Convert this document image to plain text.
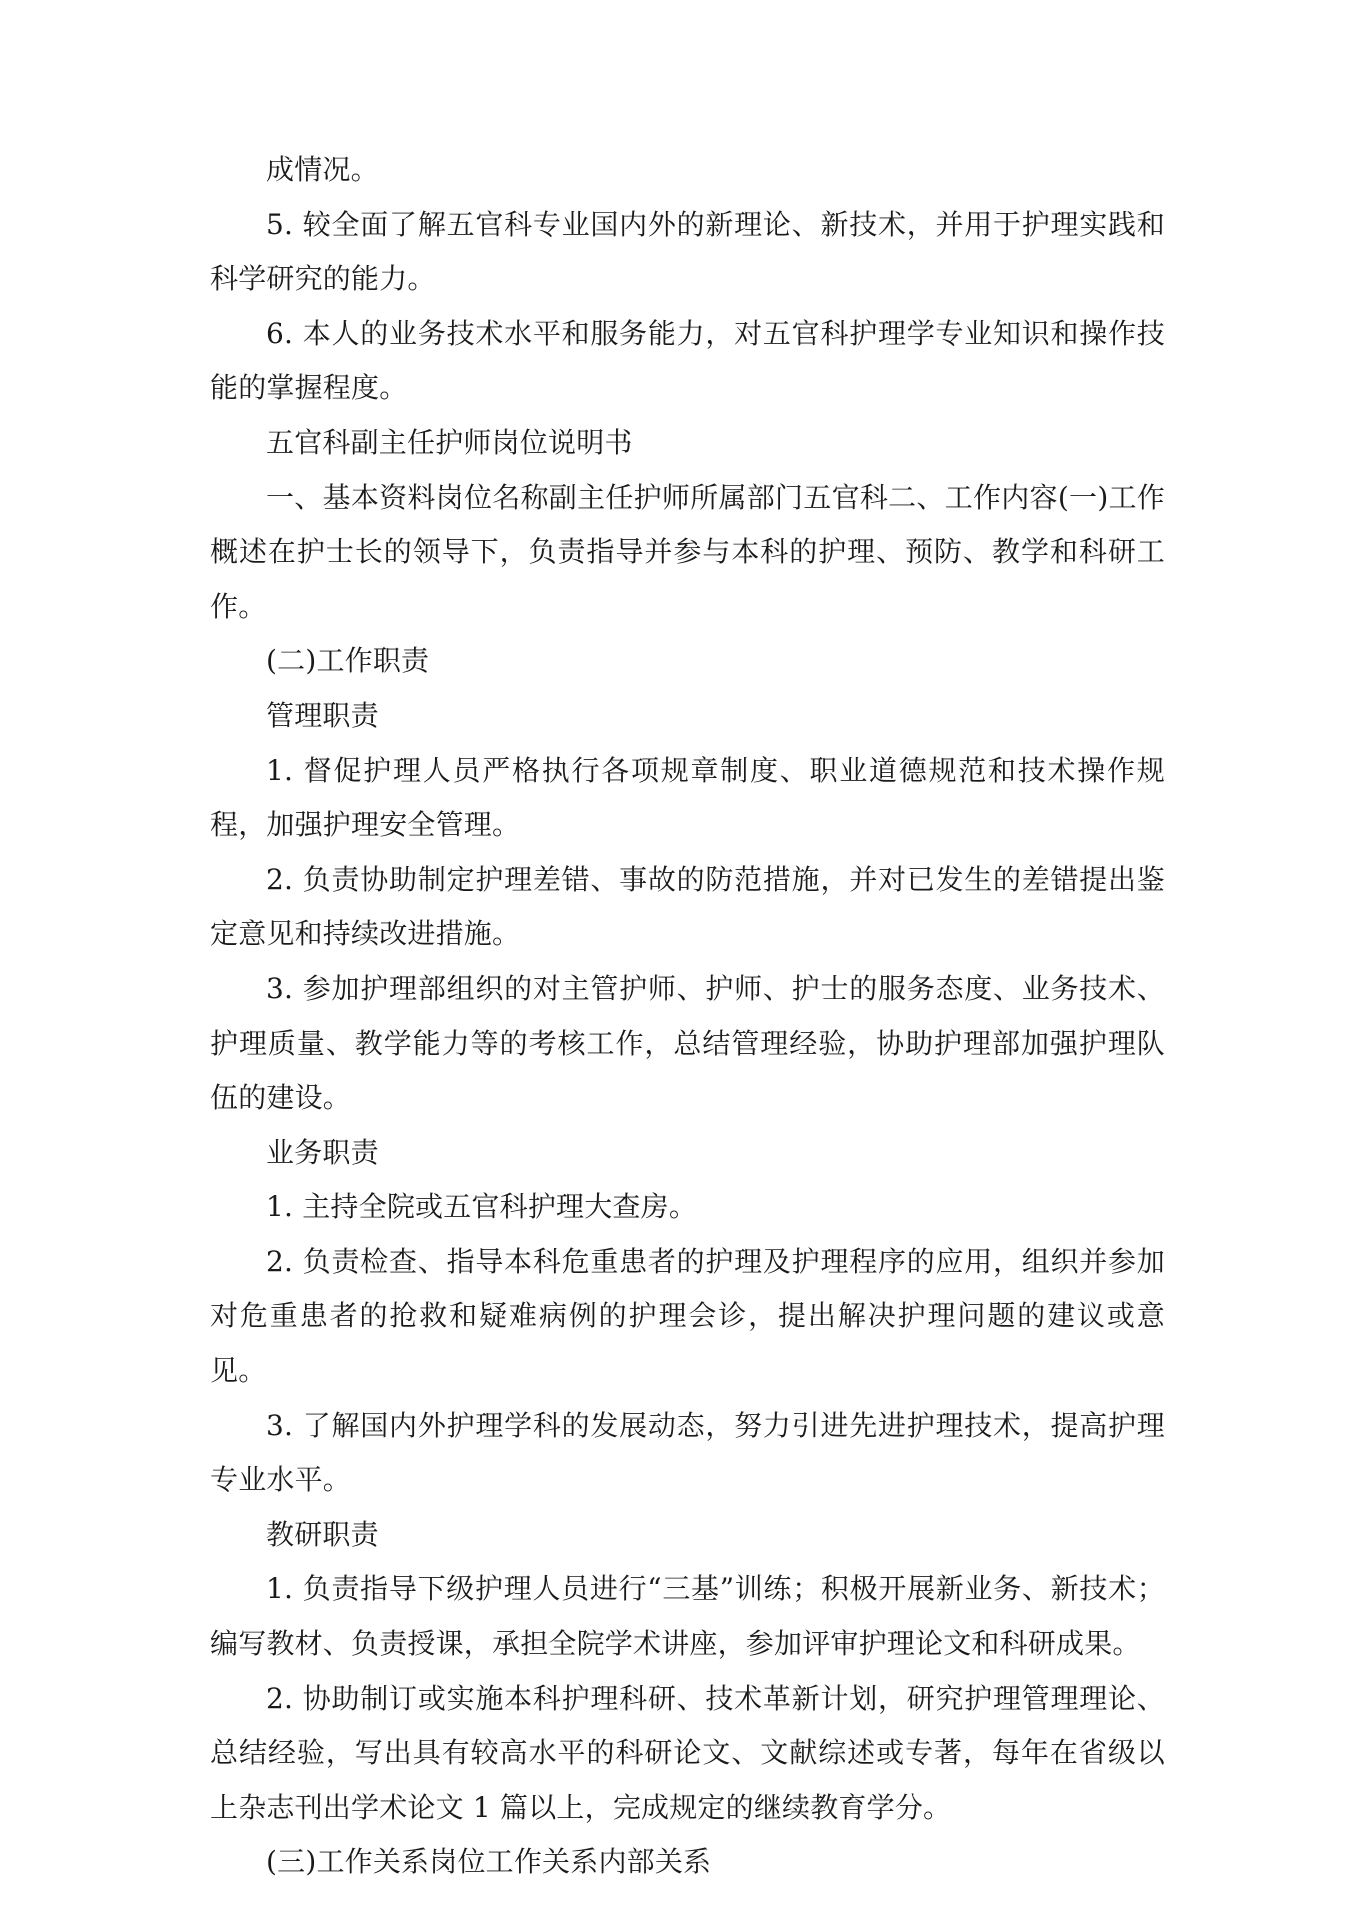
成情况。

5. 较全面了解五官科专业国内外的新理论、新技术，并用于护理实践和科学研究的能力。

6. 本人的业务技术水平和服务能力，对五官科护理学专业知识和操作技能的掌握程度。

五官科副主任护师岗位说明书

一、基本资料岗位名称副主任护师所属部门五官科二、工作内容(一)工作概述在护士长的领导下，负责指导并参与本科的护理、预防、教学和科研工作。

(二)工作职责

管理职责

1. 督促护理人员严格执行各项规章制度、职业道德规范和技术操作规程，加强护理安全管理。

2. 负责协助制定护理差错、事故的防范措施，并对已发生的差错提出鉴定意见和持续改进措施。

3. 参加护理部组织的对主管护师、护师、护士的服务态度、业务技术、护理质量、教学能力等的考核工作，总结管理经验，协助护理部加强护理队伍的建设。

业务职责

1. 主持全院或五官科护理大查房。

2. 负责检查、指导本科危重患者的护理及护理程序的应用，组织并参加对危重患者的抢救和疑难病例的护理会诊，提出解决护理问题的建议或意见。

3. 了解国内外护理学科的发展动态，努力引进先进护理技术，提高护理专业水平。

教研职责

1. 负责指导下级护理人员进行“三基”训练；积极开展新业务、新技术；编写教材、负责授课，承担全院学术讲座，参加评审护理论文和科研成果。

2. 协助制订或实施本科护理科研、技术革新计划，研究护理管理理论、总结经验，写出具有较高水平的科研论文、文献综述或专著，每年在省级以上杂志刊出学术论文 1 篇以上，完成规定的继续教育学分。

(三)工作关系岗位工作关系内部关系
